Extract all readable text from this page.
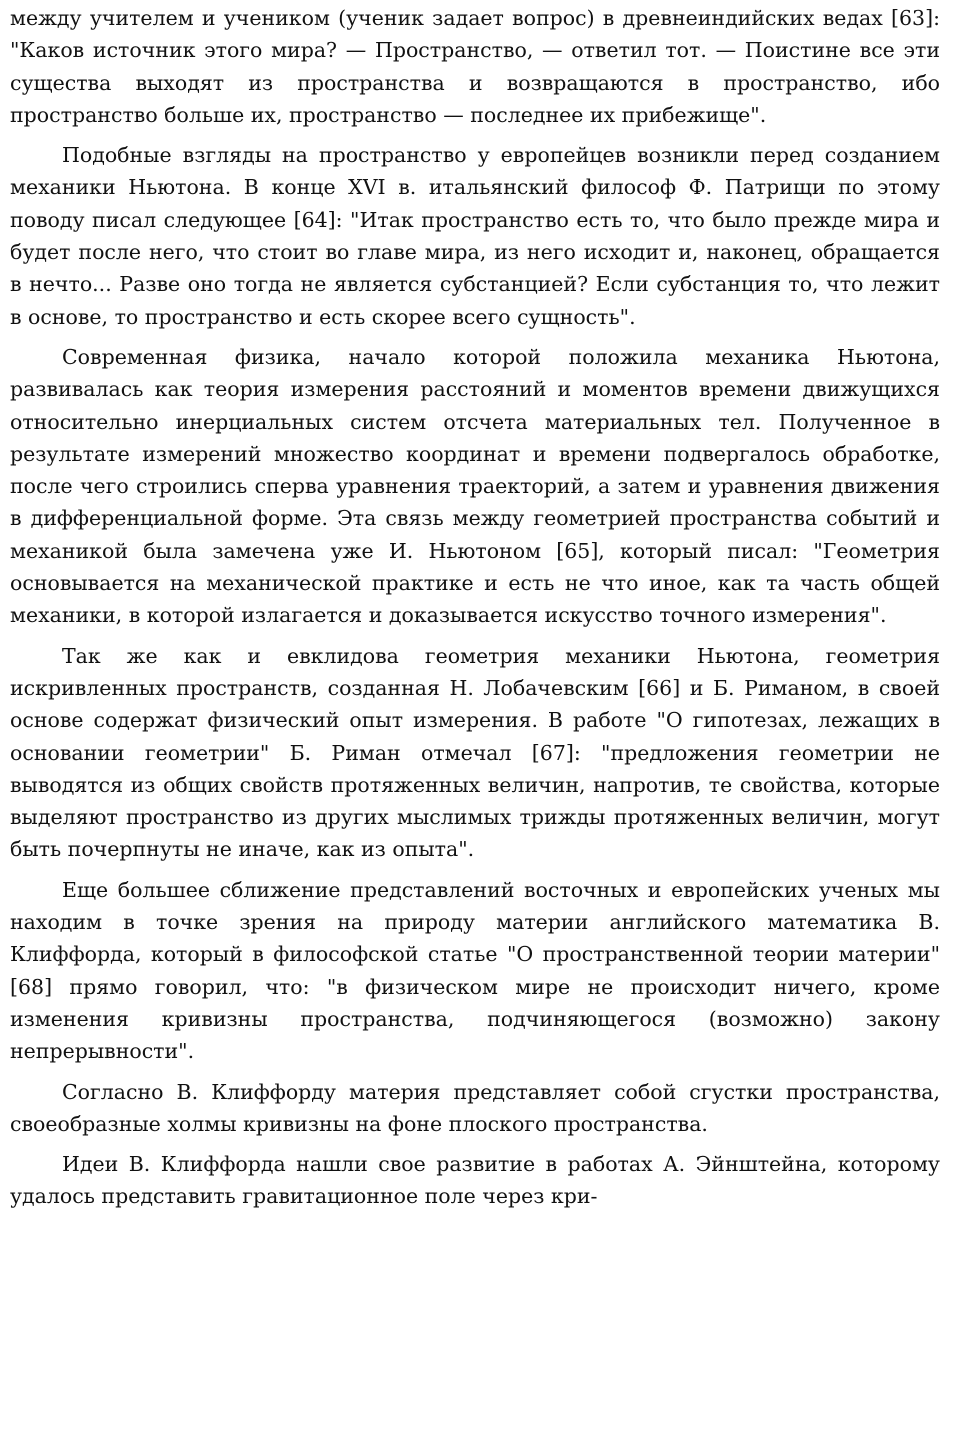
между учителем и учеником (ученик задает вопрос) в древнеиндийских ведах [63]: "Каков источник этого мира? — Пространство, — ответил тот. — Поистине все эти существа выходят из пространства и возвращаются в пространство, ибо пространство больше их, пространство — последнее их прибежище".

Подобные взгляды на пространство у европейцев возникли перед созданием механики Ньютона. В конце XVI в. итальянский философ Ф. Патрищи по этому поводу писал следующее [64]: "Итак пространство есть то, что было прежде мира и будет после него, что стоит во главе мира, из него исходит и, наконец, обращается в нечто... Разве оно тогда не является субстанцией? Если субстанция то, что лежит в основе, то пространство и есть скорее всего сущность".

Современная физика, начало которой положила механика Ньютона, развивалась как теория измерения расстояний и моментов времени движущихся относительно инерциальных систем отсчета материальных тел. Полученное в результате измерений множество координат и времени подвергалось обработке, после чего строились сперва уравнения траекторий, а затем и уравнения движения в дифференциальной форме. Эта связь между геометрией пространства событий и механикой была замечена уже И. Ньютоном [65], который писал: "Геометрия основывается на механической практике и есть не что иное, как та часть общей механики, в которой излагается и доказывается искусство точного измерения".

Так же как и евклидова геометрия механики Ньютона, геометрия искривленных пространств, созданная Н. Лобачевским [66] и Б. Риманом, в своей основе содержат физический опыт измерения. В работе "О гипотезах, лежащих в основании геометрии" Б. Риман отмечал [67]: "предложения геометрии не выводятся из общих свойств протяженных величин, напротив, те свойства, которые выделяют пространство из других мыслимых трижды протяженных величин, могут быть почерпнуты не иначе, как из опыта".

Еще большее сближение представлений восточных и европейских ученых мы находим в точке зрения на природу материи английского математика В. Клиффорда, который в философской статье "О пространственной теории материи" [68] прямо говорил, что: "в физическом мире не происходит ничего, кроме изменения кривизны пространства, подчиняющегося (возможно) закону непрерывности".

Согласно В. Клиффорду материя представляет собой сгустки пространства, своеобразные холмы кривизны на фоне плоского пространства.

Идеи В. Клиффорда нашли свое развитие в работах А. Эйнштейна, которому удалось представить гравитационное поле через кри-
